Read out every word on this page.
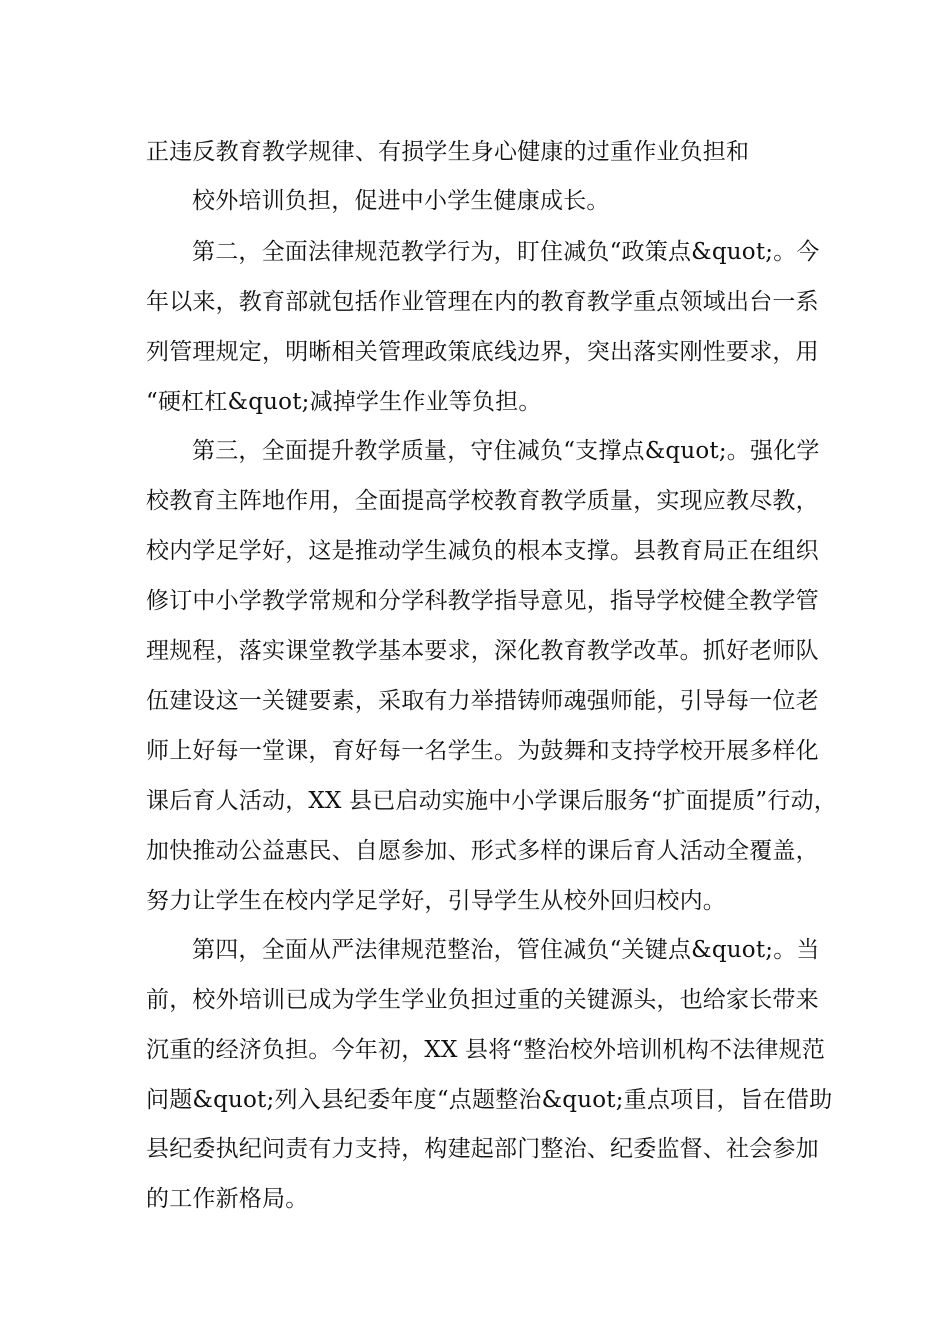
正违反教育教学规律、有损学生身心健康的过重作业负担和
校外培训负担，促进中小学生健康成长。
第二，全面法律规范教学行为，盯住减负“政策点&quot;。今
年以来，教育部就包括作业管理在内的教育教学重点领域出台一系
列管理规定，明晰相关管理政策底线边界，突出落实刚性要求，用
“硬杠杠&quot;减掉学生作业等负担。
第三，全面提升教学质量，守住减负“支撑点&quot;。强化学
校教育主阵地作用，全面提高学校教育教学质量，实现应教尽教，
校内学足学好，这是推动学生减负的根本支撑。县教育局正在组织
修订中小学教学常规和分学科教学指导意见，指导学校健全教学管
理规程，落实课堂教学基本要求，深化教育教学改革。抓好老师队
伍建设这一关键要素，采取有力举措铸师魂强师能，引导每一位老
师上好每一堂课，育好每一名学生。为鼓舞和支持学校开展多样化
课后育人活动，XX 县已启动实施中小学课后服务“扩面提质”行动，
加快推动公益惠民、自愿参加、形式多样的课后育人活动全覆盖，
努力让学生在校内学足学好，引导学生从校外回归校内。
第四，全面从严法律规范整治，管住减负“关键点&quot;。当
前，校外培训已成为学生学业负担过重的关键源头，也给家长带来
沉重的经济负担。今年初，XX 县将“整治校外培训机构不法律规范
问题&quot;列入县纪委年度“点题整治&quot;重点项目，旨在借助
县纪委执纪问责有力支持，构建起部门整治、纪委监督、社会参加
的工作新格局。
